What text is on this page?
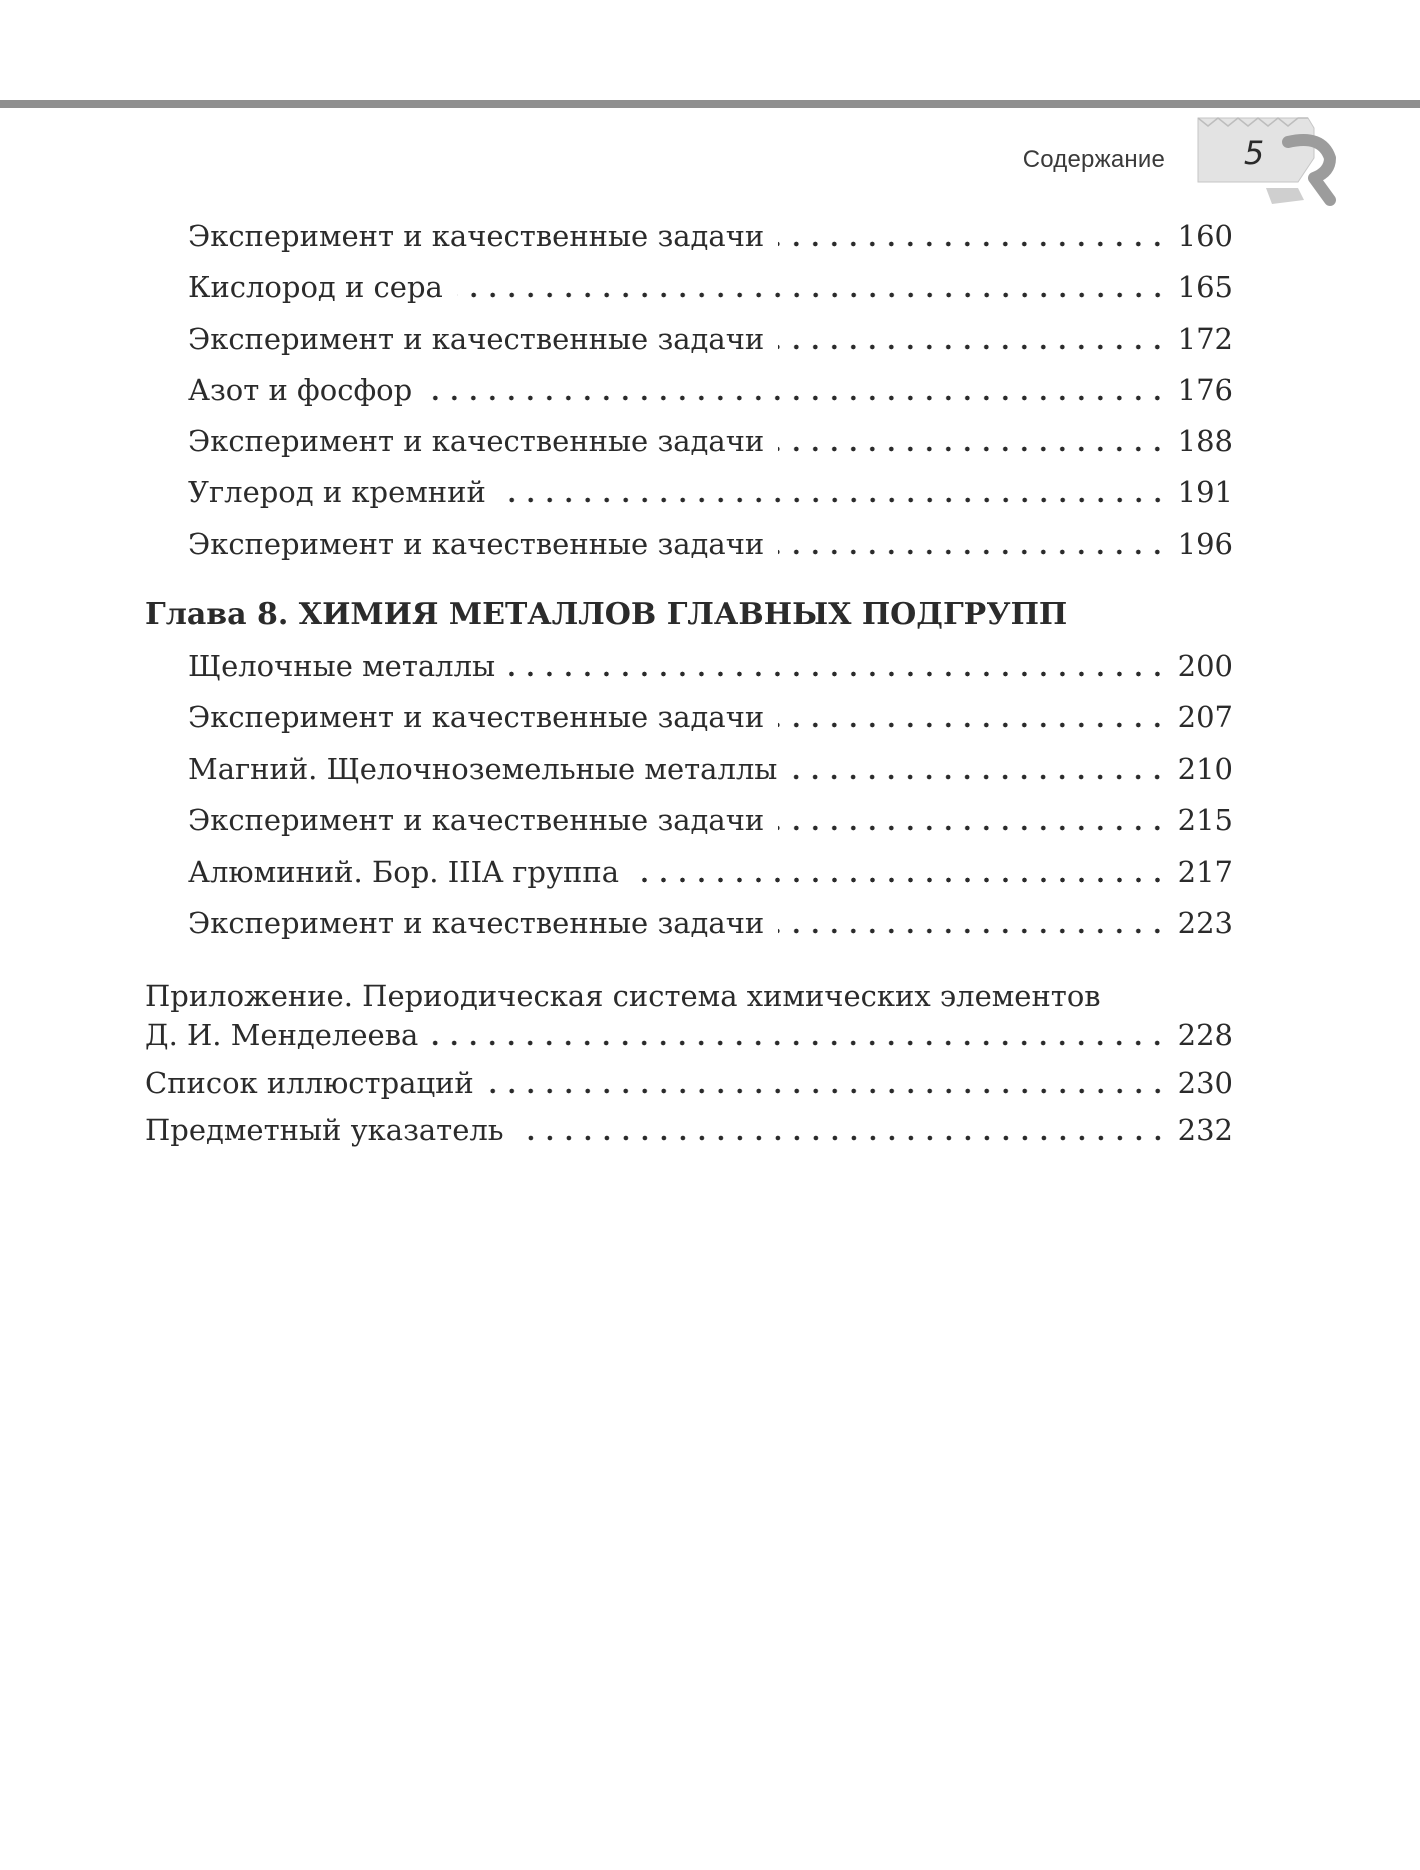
Содержание	5
Эксперимент и качественные задачи	160
Кислород и сера	165
Эксперимент и качественные задачи	172
Азот и фосфор	176
Эксперимент и качественные задачи	188
Углерод и кремний	191
Эксперимент и качественные задачи	196
Глава 8. ХИМИЯ МЕТАЛЛОВ ГЛАВНЫХ ПОДГРУПП
Щелочные металлы	200
Эксперимент и качественные задачи	207
Магний. Щелочноземельные металлы	210
Эксперимент и качественные задачи	215
Алюминий. Бор. IIIA группа	217
Эксперимент и качественные задачи	223
Приложение. Периодическая система химических элементов
Д. И. Менделеева	228
Список иллюстраций	230
Предметный указатель	232
